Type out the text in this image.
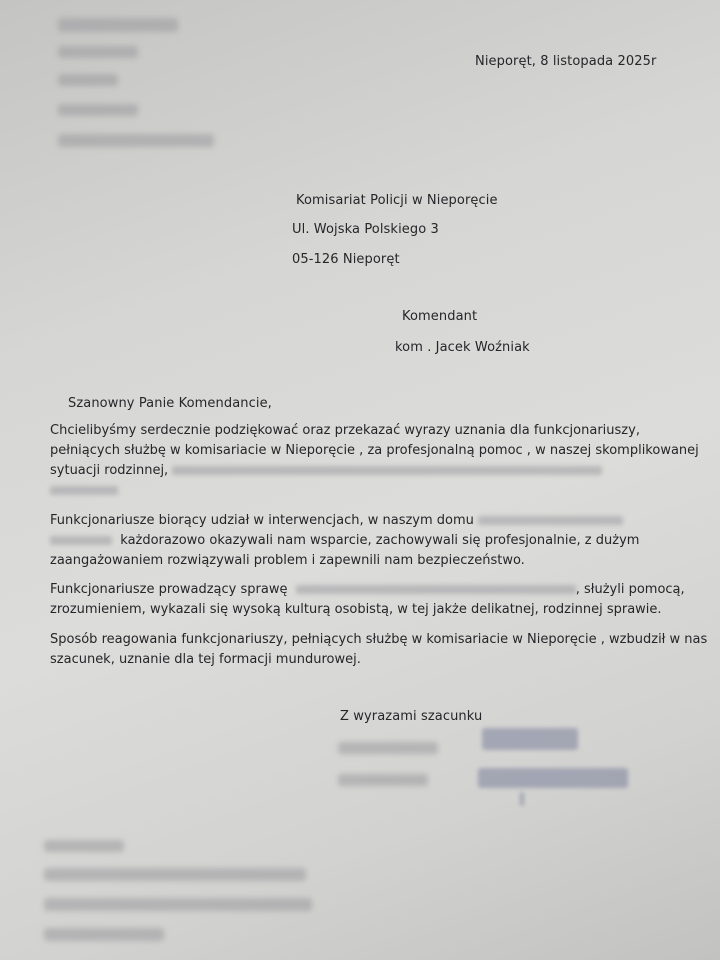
Nieporęt, 8 listopada 2025r
Komisariat Policji w Nieporęcie
Ul. Wojska Polskiego 3
05-126 Nieporęt
Komendant
kom . Jacek Woźniak
Szanowny Panie Komendancie,
Chcielibyśmy serdecznie podziękować oraz przekazać wyrazy uznania dla funkcjonariuszy,
pełniących służbę w komisariacie w Nieporęcie , za profesjonalną pomoc , w naszej skomplikowanej
sytuacji rodzinnej,
Funkcjonariusze biorący udział w interwencjach, w naszym domu
każdorazowo okazywali nam wsparcie, zachowywali się profesjonalnie, z dużym
zaangażowaniem rozwiązywali problem i zapewnili nam bezpieczeństwo.
Funkcjonariusze prowadzący sprawę	, służyli pomocą,
zrozumieniem, wykazali się wysoką kulturą osobistą, w tej jakże delikatnej, rodzinnej sprawie.
Sposób reagowania funkcjonariuszy, pełniących służbę w komisariacie w Nieporęcie , wzbudził w nas
szacunek, uznanie dla tej formacji mundurowej.
Z wyrazami szacunku
